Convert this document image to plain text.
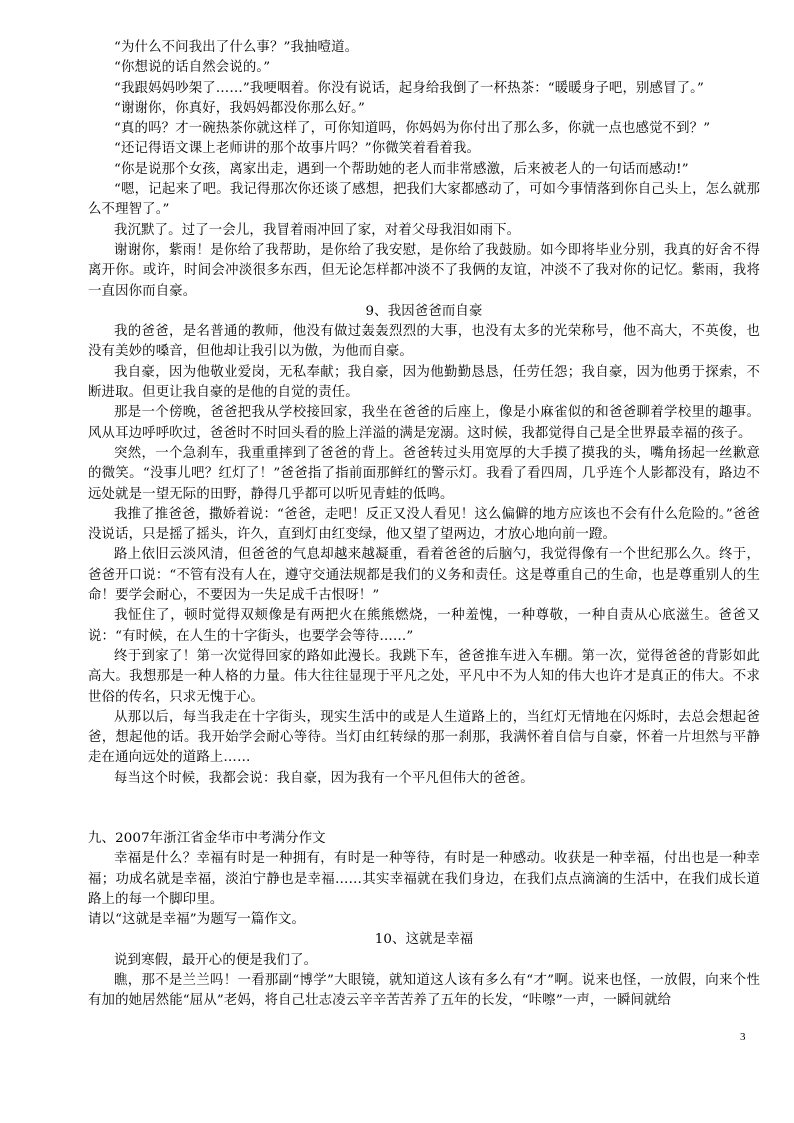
“为什么不问我出了什么事？”我抽噎道。

“你想说的话自然会说的。”

“我跟妈妈吵架了……”我哽咽着。你没有说话，起身给我倒了一杯热茶：“暖暖身子吧，别感冒了。”

“谢谢你，你真好，我妈妈都没你那么好。”

“真的吗？才一碗热茶你就这样了，可你知道吗，你妈妈为你付出了那么多，你就一点也感觉不到？”

“还记得语文课上老师讲的那个故事片吗？”你微笑着看着我。

“你是说那个女孩，离家出走，遇到一个帮助她的老人而非常感激，后来被老人的一句话而感动!”

“嗯，记起来了吧。我记得那次你还谈了感想，把我们大家都感动了，可如今事情落到你自己头上，怎么就那么不理智了。”

我沉默了。过了一会儿，我冒着雨冲回了家，对着父母我泪如雨下。

谢谢你，紫雨！是你给了我帮助，是你给了我安慰，是你给了我鼓励。如今即将毕业分别，我真的好舍不得离开你。或许，时间会冲淡很多东西，但无论怎样都冲淡不了我俩的友谊，冲淡不了我对你的记忆。紫雨，我将一直因你而自豪。

9、我因爸爸而自豪

我的爸爸，是名普通的教师，他没有做过轰轰烈烈的大事，也没有太多的光荣称号，他不高大，不英俊，也没有美妙的嗓音，但他却让我引以为傲，为他而自豪。

我自豪，因为他敬业爱岗，无私奉献；我自豪，因为他勤勤恳恳，任劳任怨；我自豪，因为他勇于探索，不断进取。但更让我自豪的是他的自觉的责任。

那是一个傍晚，爸爸把我从学校接回家，我坐在爸爸的后座上，像是小麻雀似的和爸爸聊着学校里的趣事。风从耳边呼呼吹过，爸爸时不时回头看的脸上洋溢的满是宠溺。这时候，我都觉得自己是全世界最幸福的孩子。

突然，一个急刹车，我重重摔到了爸爸的背上。爸爸转过头用宽厚的大手摸了摸我的头，嘴角扬起一丝歉意的微笑。“没事儿吧？红灯了！”爸爸指了指前面那鲜红的警示灯。我看了看四周，几乎连个人影都没有，路边不远处就是一望无际的田野，静得几乎都可以听见青蛙的低鸣。

我推了推爸爸，撒娇着说：“爸爸，走吧！反正又没人看见！这么偏僻的地方应该也不会有什么危险的。”爸爸没说话，只是摇了摇头，许久，直到灯由红变绿，他又望了望两边，才放心地向前一蹬。

路上依旧云淡风清，但爸爸的气息却越来越凝重，看着爸爸的后脑勺，我觉得像有一个世纪那么久。终于，爸爸开口说：“不管有没有人在，遵守交通法规都是我们的义务和责任。这是尊重自己的生命，也是尊重别人的生命！要学会耐心，不要因为一失足成千古恨呀！”

我怔住了，顿时觉得双颊像是有两把火在熊熊燃烧，一种羞愧，一种尊敬，一种自责从心底滋生。爸爸又说：“有时候，在人生的十字街头，也要学会等待……”

终于到家了！第一次觉得回家的路如此漫长。我跳下车，爸爸推车进入车棚。第一次，觉得爸爸的背影如此高大。我想那是一种人格的力量。伟大往往显现于平凡之处，平凡中不为人知的伟大也许才是真正的伟大。不求世俗的传名，只求无愧于心。

从那以后，每当我走在十字街头，现实生活中的或是人生道路上的，当红灯无情地在闪烁时，去总会想起爸爸，想起他的话。我开始学会耐心等待。当灯由红转绿的那一刹那，我满怀着自信与自豪，怀着一片坦然与平静走在通向远处的道路上……

每当这个时候，我都会说：我自豪，因为我有一个平凡但伟大的爸爸。

九、2007年浙江省金华市中考满分作文

幸福是什么？幸福有时是一种拥有，有时是一种等待，有时是一种感动。收获是一种幸福，付出也是一种幸福；功成名就是幸福，淡泊宁静也是幸福……其实幸福就在我们身边，在我们点点滴滴的生活中，在我们成长道路上的每一个脚印里。

请以“这就是幸福”为题写一篇作文。

10、这就是幸福

说到寒假，最开心的便是我们了。

瞧，那不是兰兰吗！一看那副“博学”大眼镜，就知道这人该有多么有“才”啊。说来也怪，一放假，向来个性有加的她居然能“屈从”老妈，将自己壮志凌云辛辛苦苦养了五年的长发，“咔嚓”一声，一瞬间就给

3
